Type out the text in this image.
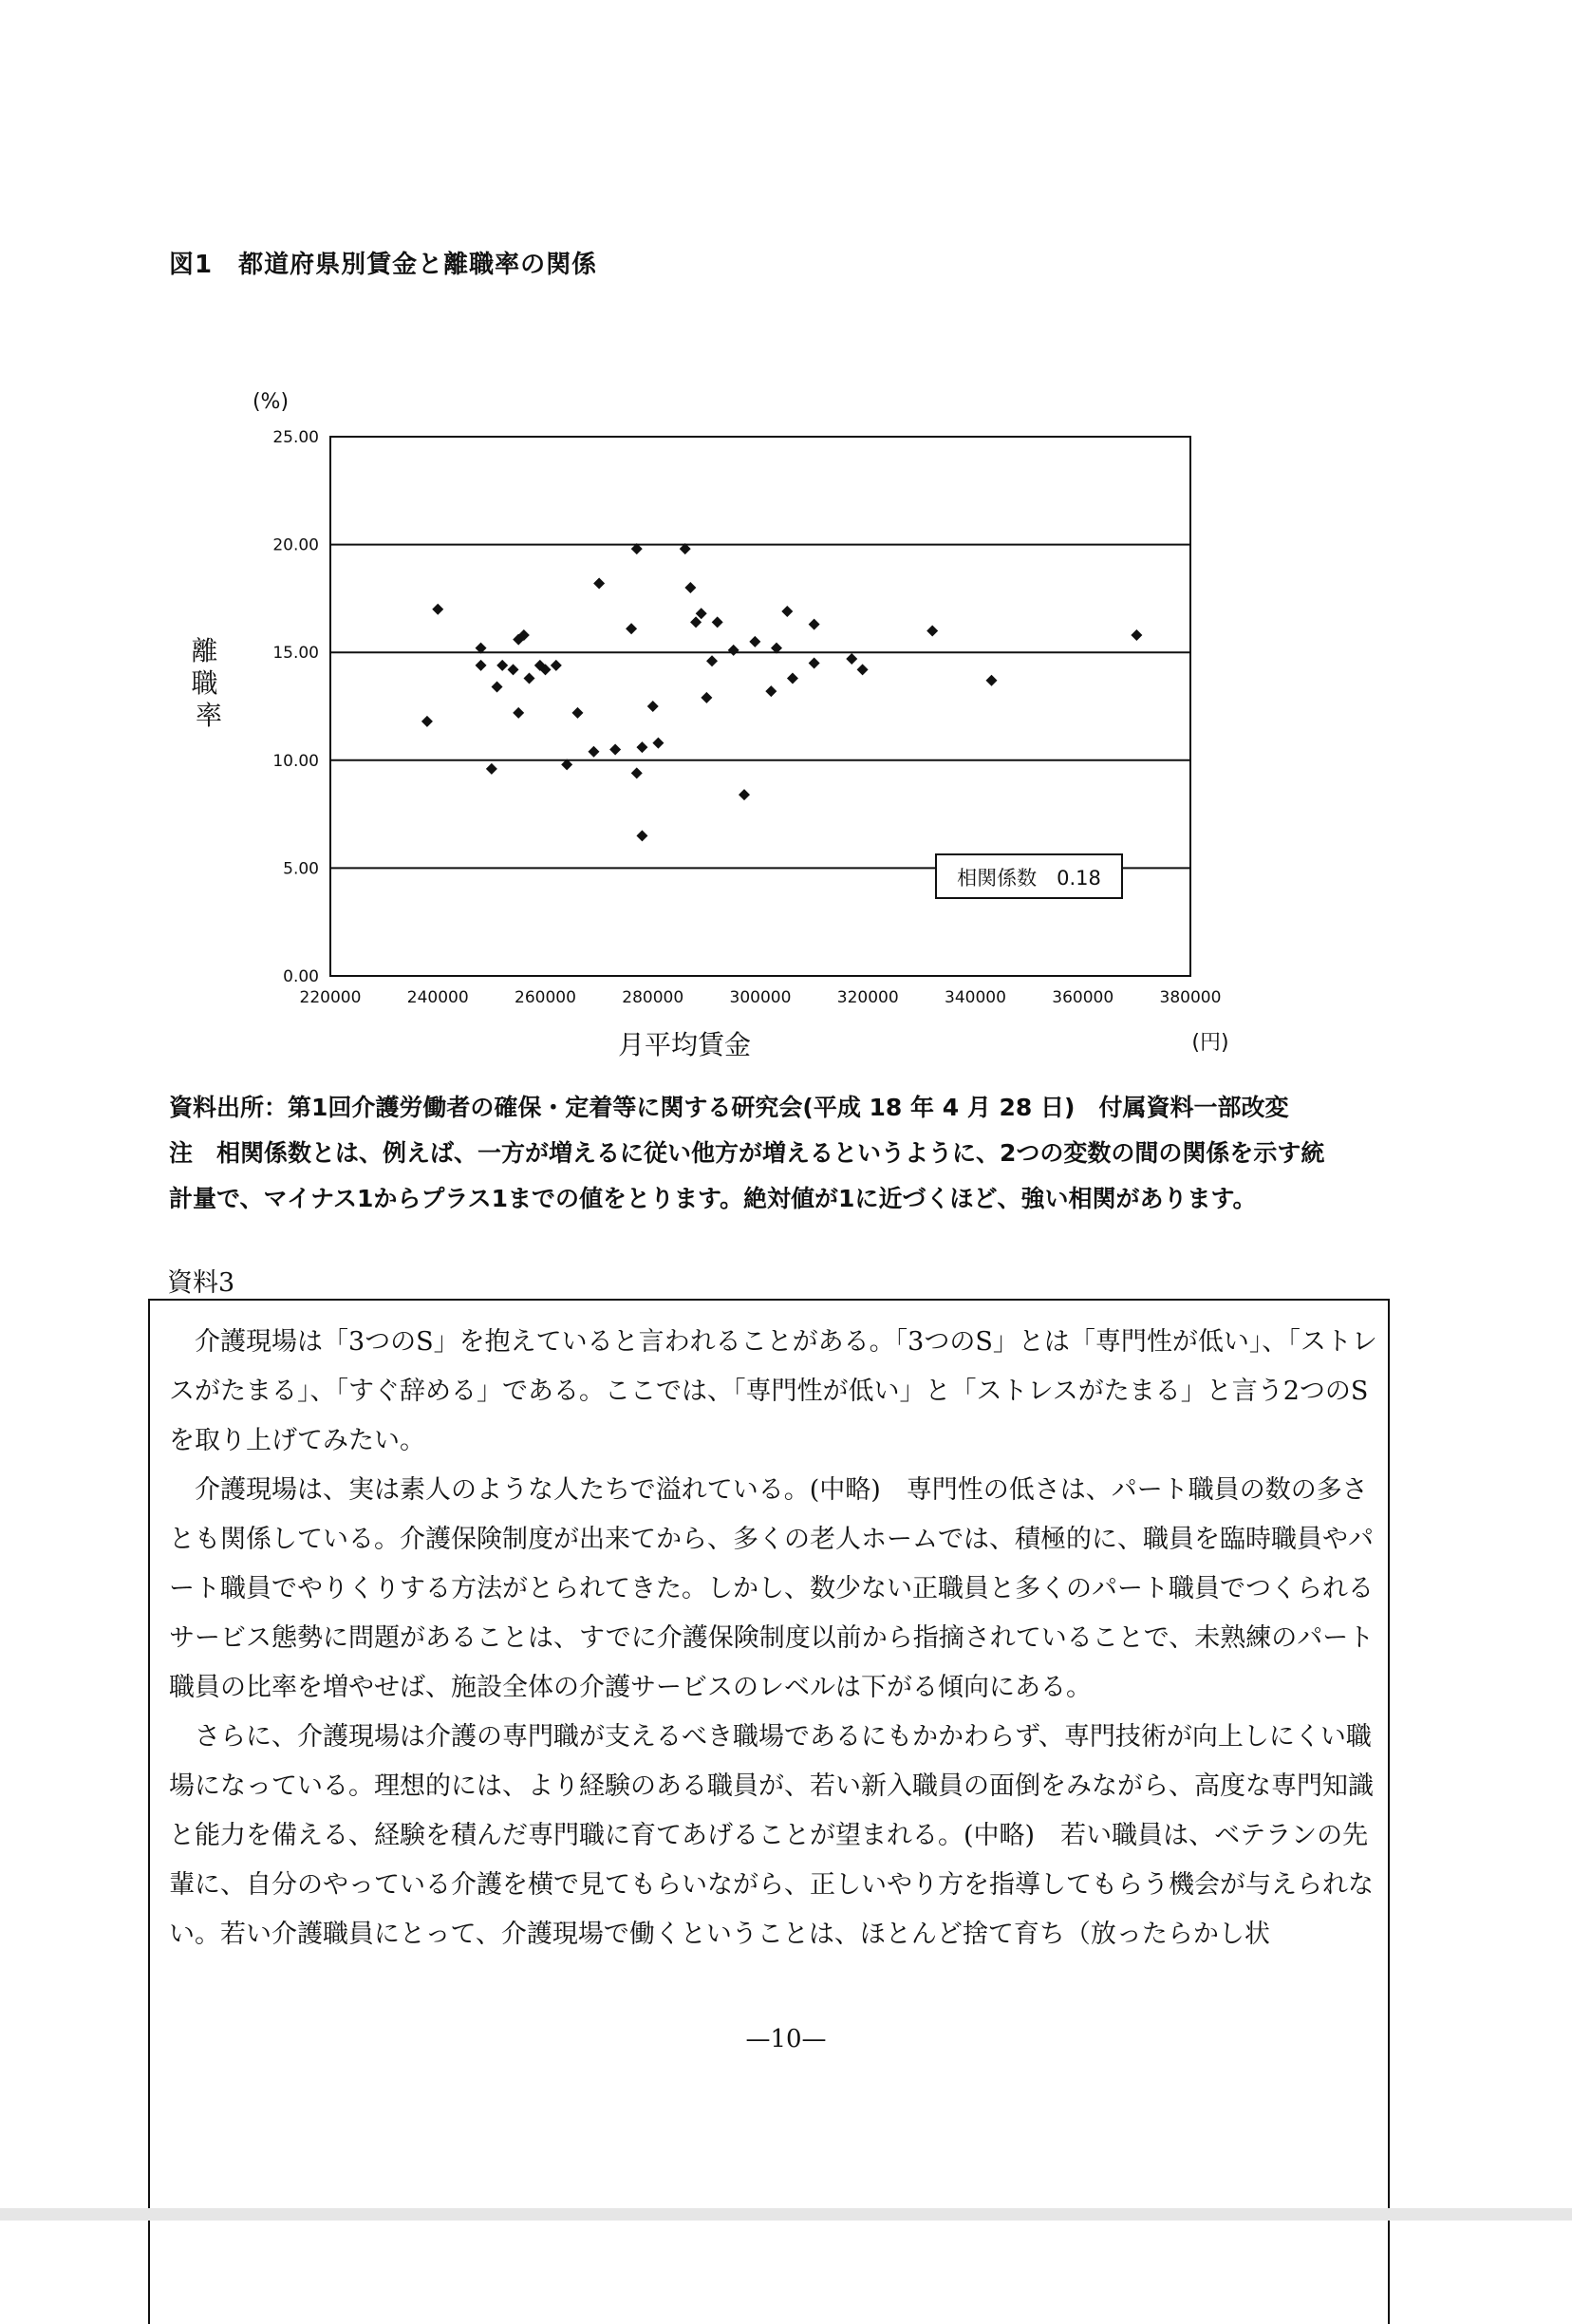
図1　都道府県別賃金と離職率の関係
(%)
0.00
5.00
10.00
15.00
20.00
25.00
220000	240000	260000	280000	300000	320000	340000	360000	380000
離 職 率
相関係数　0.18
月平均賃金	(円)

資料出所：第1回介護労働者の確保・定着等に関する研究会(平成 18 年 4 月 28 日)　付属資料一部改変

注　相関係数とは、例えば、一方が増えるに従い他方が増えるというように、2つの変数の間の関係を示す統

計量で、マイナス1からプラス1までの値をとります。絶対値が1に近づくほど、強い相関があります。

資料3

介護現場は「3つのS」を抱えていると言われることがある。「3つのS」とは「専門性が低い」、「ストレスがたまる」、「すぐ辞める」である。ここでは、「専門性が低い」と「ストレスがたまる」と言う2つのSを取り上げてみたい。

介護現場は、実は素人のような人たちで溢れている。(中略)　専門性の低さは、パート職員の数の多さとも関係している。介護保険制度が出来てから、多くの老人ホームでは、積極的に、職員を臨時職員やパート職員でやりくりする方法がとられてきた。しかし、数少ない正職員と多くのパート職員でつくられるサービス態勢に問題があることは、すでに介護保険制度以前から指摘されていることで、未熟練のパート職員の比率を増やせば、施設全体の介護サービスのレベルは下がる傾向にある。

さらに、介護現場は介護の専門職が支えるべき職場であるにもかかわらず、専門技術が向上しにくい職場になっている。理想的には、より経験のある職員が、若い新入職員の面倒をみながら、高度な専門知識と能力を備える、経験を積んだ専門職に育てあげることが望まれる。(中略)　若い職員は、ベテランの先輩に、自分のやっている介護を横で見てもらいながら、正しいやり方を指導してもらう機会が与えられない。若い介護職員にとって、介護現場で働くということは、ほとんど捨て育ち（放ったらかし状

—10—
